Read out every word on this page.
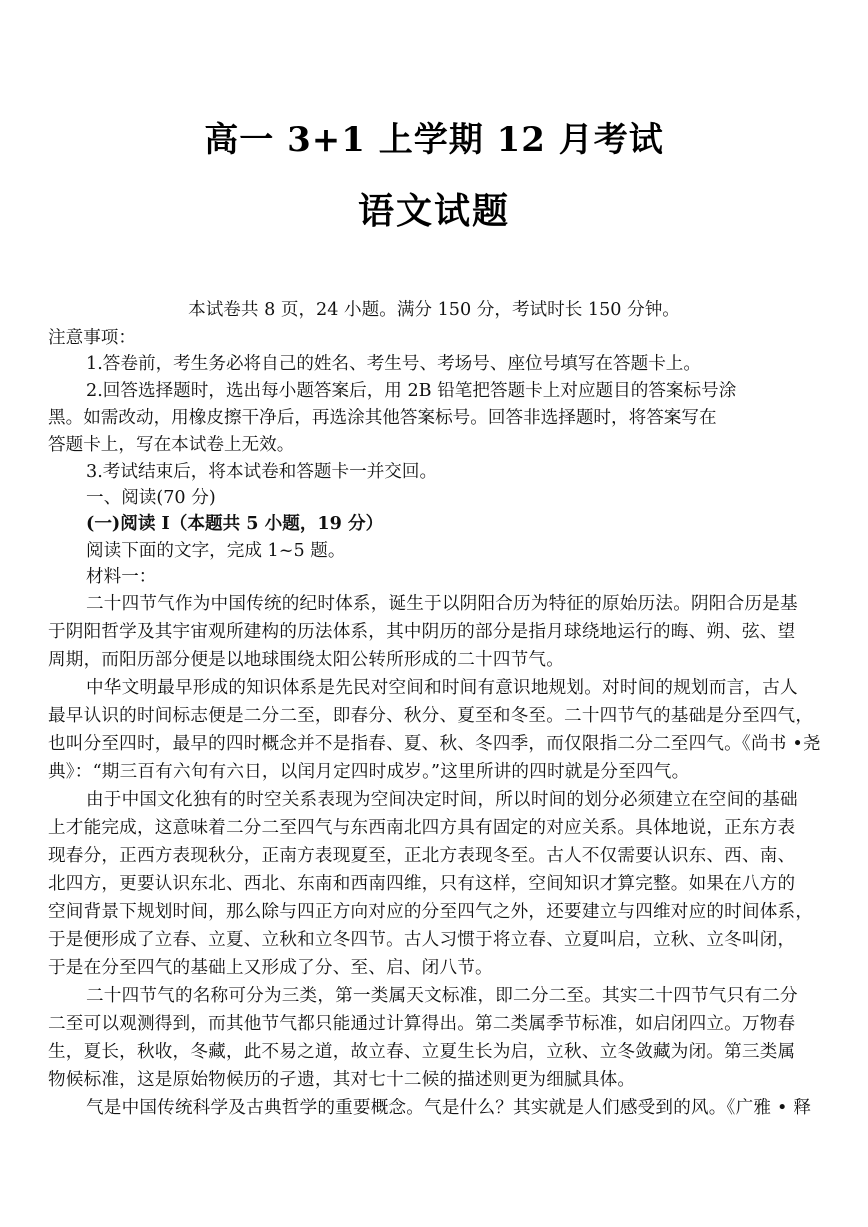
高一 3+1 上学期 12 月考试
语文试题
本试卷共 8 页，24 小题。满分 150 分，考试时长 150 分钟。
注意事项：
1.答卷前，考生务必将自己的姓名、考生号、考场号、座位号填写在答题卡上。
2.回答选择题时，选出每小题答案后，用 2B 铅笔把答题卡上对应题目的答案标号涂
黑。如需改动，用橡皮擦干净后，再选涂其他答案标号。回答非选择题时，将答案写在
答题卡上，写在本试卷上无效。
3.考试结束后，将本试卷和答题卡一并交回。
一、阅读(70 分)
(一)阅读 I（本题共 5 小题，19 分）
阅读下面的文字，完成 1~5 题。
材料一：
二十四节气作为中国传统的纪时体系，诞生于以阴阳合历为特征的原始历法。阴阳合历是基
于阴阳哲学及其宇宙观所建构的历法体系，其中阴历的部分是指月球绕地运行的晦、朔、弦、望
周期，而阳历部分便是以地球围绕太阳公转所形成的二十四节气。
中华文明最早形成的知识体系是先民对空间和时间有意识地规划。对时间的规划而言，古人
最早认识的时间标志便是二分二至，即春分、秋分、夏至和冬至。二十四节气的基础是分至四气，
也叫分至四时，最早的四时概念并不是指春、夏、秋、冬四季，而仅限指二分二至四气。《尚书 •尧
典》：“期三百有六旬有六日，以闰月定四时成岁。”这里所讲的四时就是分至四气。
由于中国文化独有的时空关系表现为空间决定时间，所以时间的划分必须建立在空间的基础
上才能完成，这意味着二分二至四气与东西南北四方具有固定的对应关系。具体地说，正东方表
现春分，正西方表现秋分，正南方表现夏至，正北方表现冬至。古人不仅需要认识东、西、南、
北四方，更要认识东北、西北、东南和西南四维，只有这样，空间知识才算完整。如果在八方的
空间背景下规划时间，那么除与四正方向对应的分至四气之外，还要建立与四维对应的时间体系，
于是便形成了立春、立夏、立秋和立冬四节。古人习惯于将立春、立夏叫启，立秋、立冬叫闭，
于是在分至四气的基础上又形成了分、至、启、闭八节。
二十四节气的名称可分为三类，第一类属天文标准，即二分二至。其实二十四节气只有二分
二至可以观测得到，而其他节气都只能通过计算得出。第二类属季节标准，如启闭四立。万物春
生，夏长，秋收，冬藏，此不易之道，故立春、立夏生长为启，立秋、立冬敛藏为闭。第三类属
物候标准，这是原始物候历的孑遗，其对七十二候的描述则更为细腻具体。
气是中国传统科学及古典哲学的重要概念。气是什么？其实就是人们感受到的风。《广雅 • 释
